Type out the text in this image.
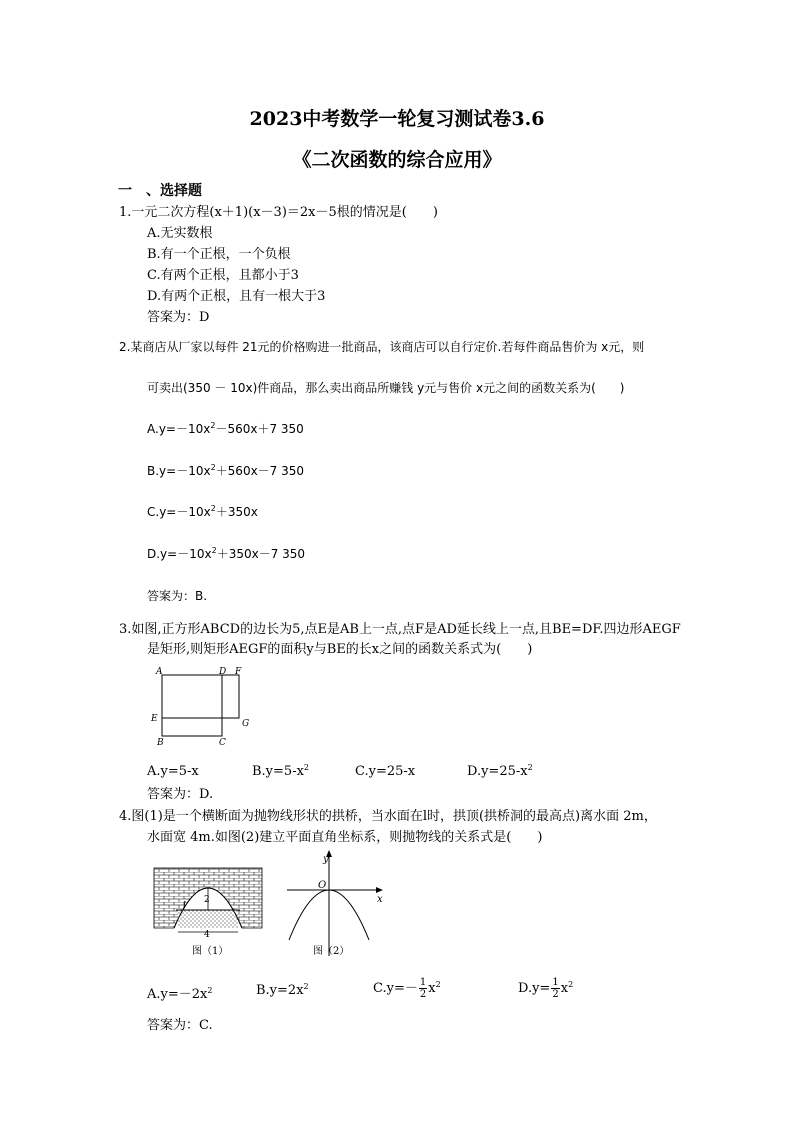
2023中考数学一轮复习测试卷3.6
《二次函数的综合应用》
一　、选择题
1.一元二次方程(x＋1)(x－3)＝2x－5根的情况是(　　)
A.无实数根
B.有一个正根，一个负根
C.有两个正根，且都小于3
D.有两个正根，且有一根大于3
答案为：D
2.某商店从厂家以每件 21元的价格购进一批商品，该商店可以自行定价.若每件商品售价为 x元，则
可卖出(350 － 10x)件商品，那么卖出商品所赚钱 y元与售价 x元之间的函数关系为(　　)
$A.y=-10x^2-560x+7$ 350
$B.y=-10x^2+560x-7$ 350
$C.y=-10x^2+350x$
$D.y=-10x^2+350x-7$ 350
答案为：B.
3.如图,正方形ABCD的边长为5,点E是AB上一点,点F是AD延长线上一点,且BE=DF.四边形AEGF
是矩形,则矩形AEGF的面积y与BE的长x之间的函数关系式为(　　)
A	D F
E	G
B	C
A.y=5-x	$B.y=5-x^2$	C.y=25-x	$D.y=25-x^2$
答案为：D.
4.图(1)是一个横断面为抛物线形状的拱桥，当水面在l时，拱顶(拱桥洞的最高点)离水面 2m，
水面宽 4m.如图(2)建立平面直角坐标系，则抛物线的关系式是(　　)
2
4
l
图（1）
y
x
O
图（2）
$A.y=-2x^2$	$B.y=2x^2$	$C.y=- \frac{1}{2} x^2$	$D.y= \frac{1}{2} x^2$
答案为：C.
